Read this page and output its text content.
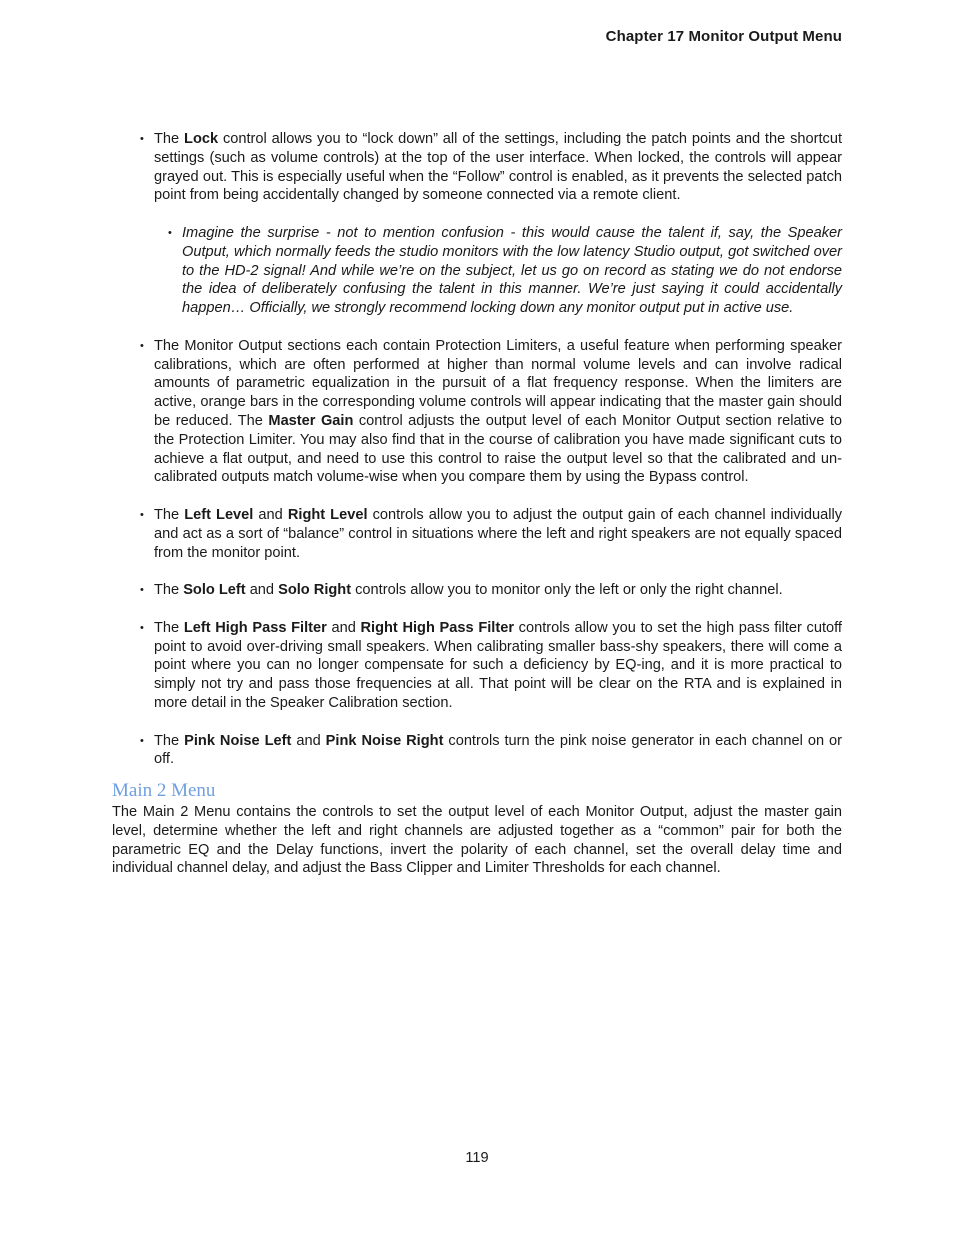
Chapter 17 Monitor Output Menu

• The Lock control allows you to “lock down” all of the settings, including the patch points and the shortcut settings (such as volume controls) at the top of the user interface. When locked, the controls will appear grayed out. This is especially useful when the “Follow” control is enabled, as it prevents the selected patch point from being accidentally changed by someone connected via a remote client.

• Imagine the surprise - not to mention confusion - this would cause the talent if, say, the Speaker Output, which normally feeds the studio monitors with the low latency Studio output, got switched over to the HD-2 signal! And while we’re on the subject, let us go on record as stating we do not endorse the idea of deliberately confusing the talent in this manner. We’re just saying it could accidentally happen… Officially, we strongly recommend locking down any monitor output put in active use.

• The Monitor Output sections each contain Protection Limiters, a useful feature when performing speaker calibrations, which are often performed at higher than normal volume levels and can involve radical amounts of parametric equalization in the pursuit of a flat frequency response. When the limiters are active, orange bars in the corresponding volume controls will appear indicating that the master gain should be reduced. The Master Gain control adjusts the output level of each Monitor Output section relative to the Protection Limiter. You may also find that in the course of calibration you have made significant cuts to achieve a flat output, and need to use this control to raise the output level so that the calibrated and un-calibrated outputs match volume-wise when you compare them by using the Bypass control.

• The Left Level and Right Level controls allow you to adjust the output gain of each channel individually and act as a sort of “balance” control in situations where the left and right speakers are not equally spaced from the monitor point.

• The Solo Left and Solo Right controls allow you to monitor only the left or only the right channel.

• The Left High Pass Filter and Right High Pass Filter controls allow you to set the high pass filter cutoff point to avoid over-driving small speakers. When calibrating smaller bass-shy speakers, there will come a point where you can no longer compensate for such a deficiency by EQ-ing, and it is more practical to simply not try and pass those frequencies at all. That point will be clear on the RTA and is explained in more detail in the Speaker Calibration section.

• The Pink Noise Left and Pink Noise Right controls turn the pink noise generator in each channel on or off.

Main 2 Menu

The Main 2 Menu contains the controls to set the output level of each Monitor Output, adjust the master gain level, determine whether the left and right channels are adjusted together as a “common” pair for both the parametric EQ and the Delay functions, invert the polarity of each channel, set the overall delay time and individual channel delay, and adjust the Bass Clipper and Limiter Thresholds for each channel.

119
